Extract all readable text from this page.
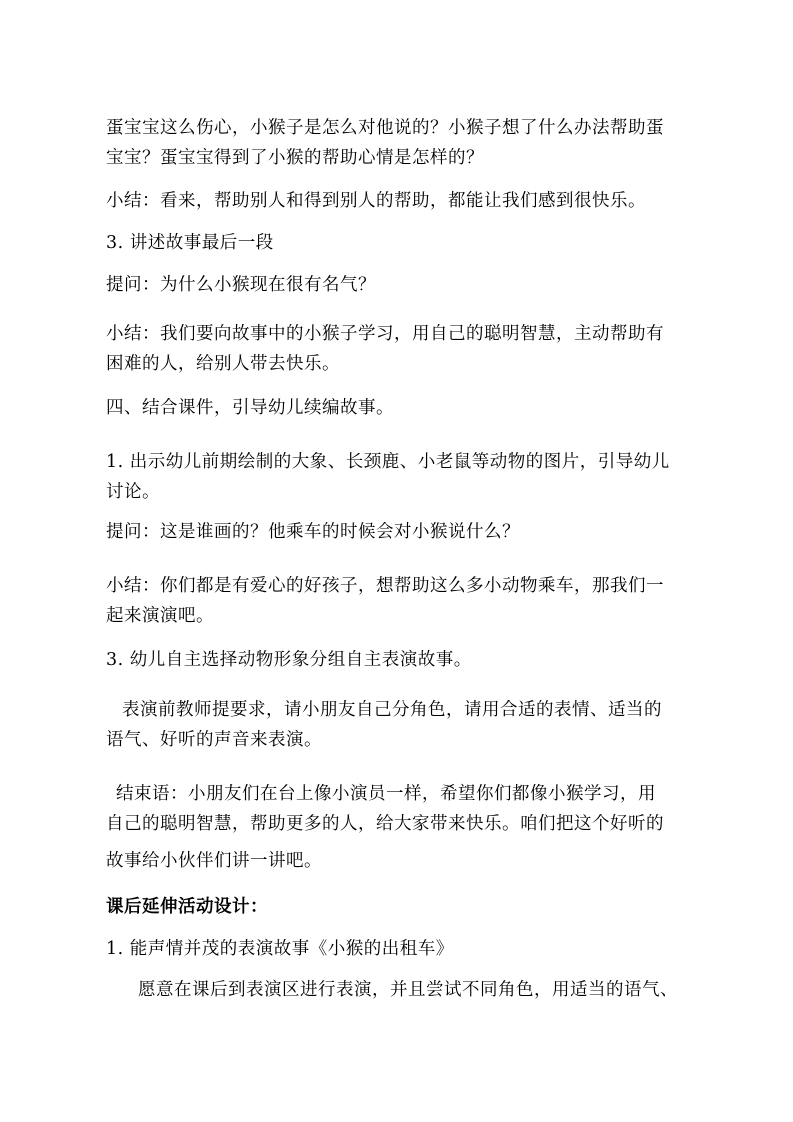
蛋宝宝这么伤心，小猴子是怎么对他说的？小猴子想了什么办法帮助蛋
宝宝？蛋宝宝得到了小猴的帮助心情是怎样的？
小结：看来，帮助别人和得到别人的帮助，都能让我们感到很快乐。
3. 讲述故事最后一段
提问：为什么小猴现在很有名气？
小结：我们要向故事中的小猴子学习，用自己的聪明智慧，主动帮助有
困难的人，给别人带去快乐。
四、结合课件，引导幼儿续编故事。
1. 出示幼儿前期绘制的大象、长颈鹿、小老鼠等动物的图片，引导幼儿
讨论。
提问：这是谁画的？他乘车的时候会对小猴说什么？
小结：你们都是有爱心的好孩子，想帮助这么多小动物乘车，那我们一
起来演演吧。
3. 幼儿自主选择动物形象分组自主表演故事。
表演前教师提要求，请小朋友自己分角色，请用合适的表情、适当的
语气、好听的声音来表演。
结束语：小朋友们在台上像小演员一样，希望你们都像小猴学习，用
自己的聪明智慧，帮助更多的人，给大家带来快乐。咱们把这个好听的
故事给小伙伴们讲一讲吧。
课后延伸活动设计：
1. 能声情并茂的表演故事《小猴的出租车》
愿意在课后到表演区进行表演，并且尝试不同角色，用适当的语气、
